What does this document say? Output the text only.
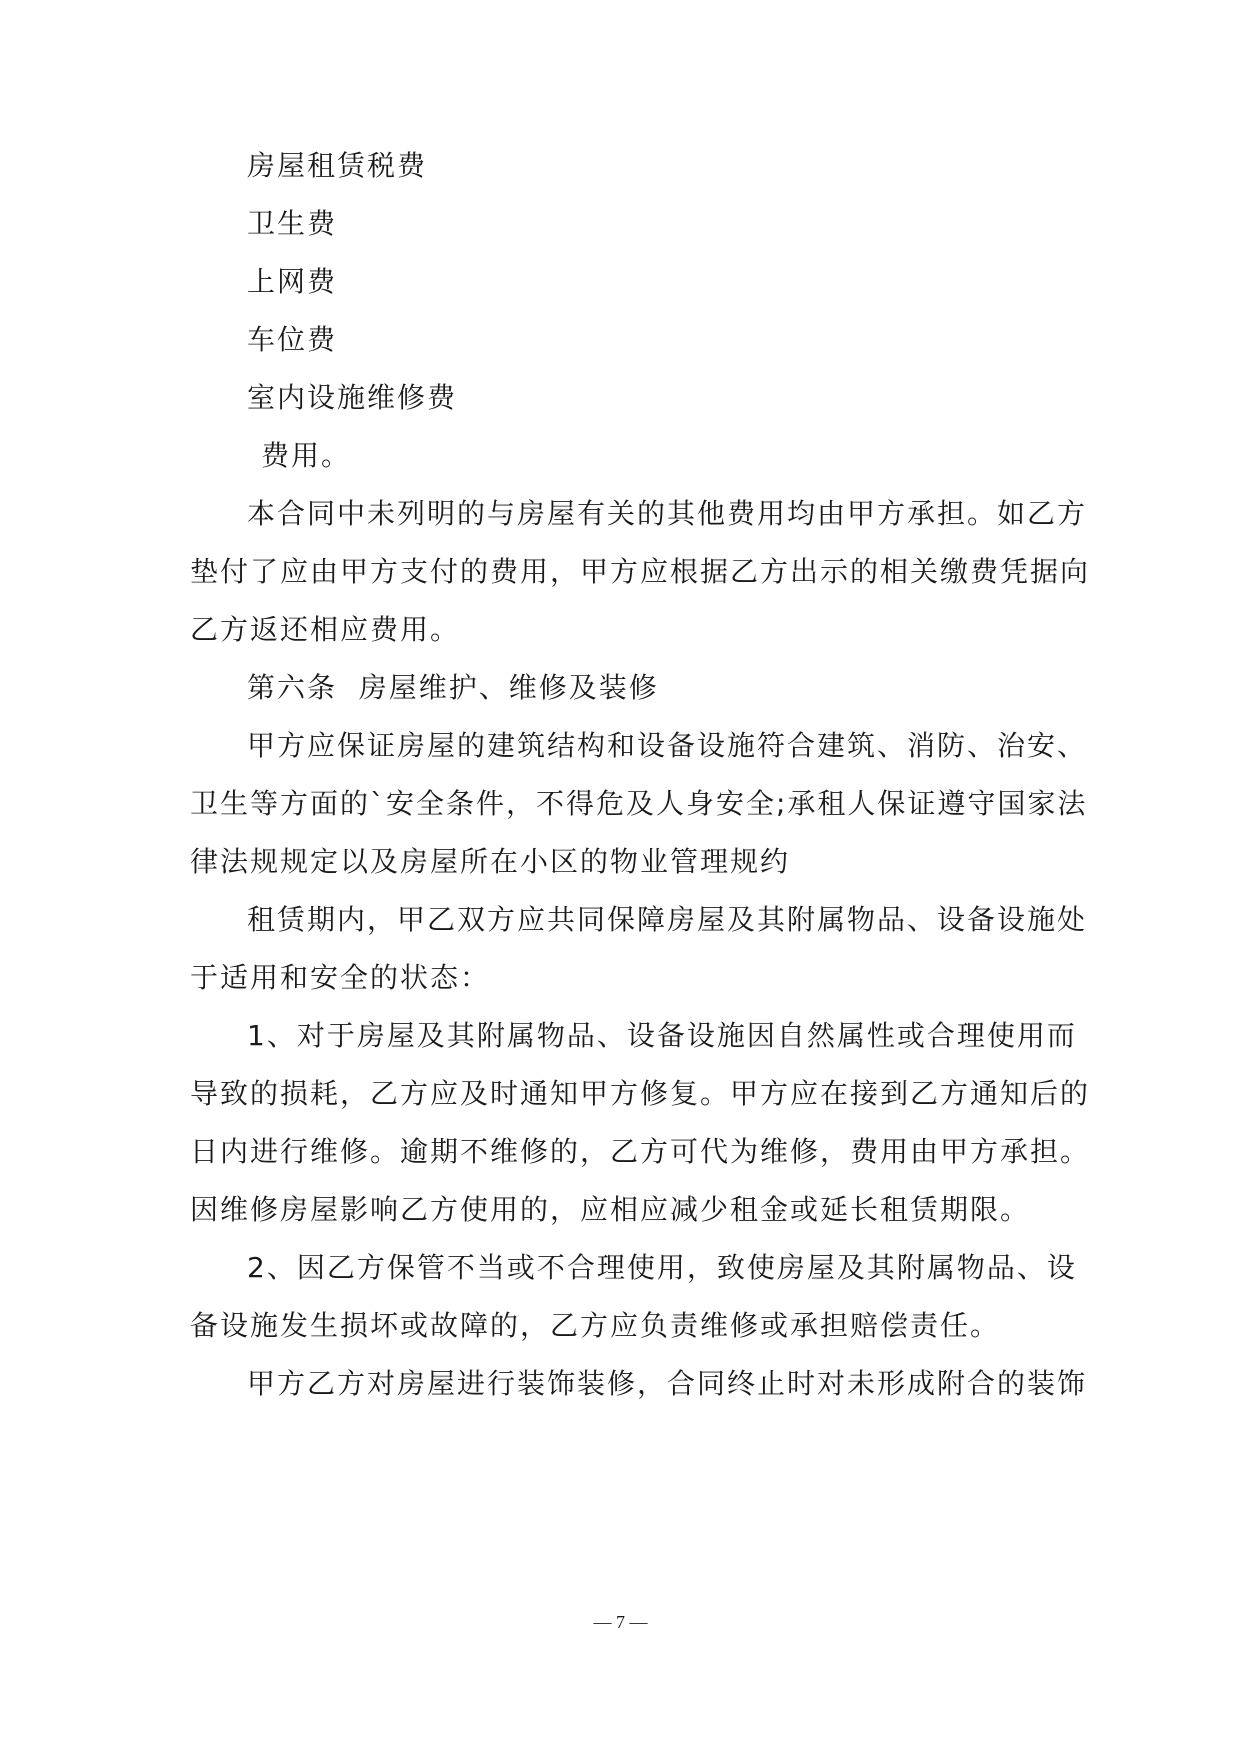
房屋租赁税费
卫生费
上网费
车位费
室内设施维修费
费用。
本合同中未列明的与房屋有关的其他费用均由甲方承担。如乙方
垫付了应由甲方支付的费用，甲方应根据乙方出示的相关缴费凭据向
乙方返还相应费用。
第六条  房屋维护、维修及装修
甲方应保证房屋的建筑结构和设备设施符合建筑、消防、治安、
卫生等方面的`安全条件，不得危及人身安全;承租人保证遵守国家法
律法规规定以及房屋所在小区的物业管理规约
租赁期内，甲乙双方应共同保障房屋及其附属物品、设备设施处
于适用和安全的状态：
1、对于房屋及其附属物品、设备设施因自然属性或合理使用而
导致的损耗，乙方应及时通知甲方修复。甲方应在接到乙方通知后的
日内进行维修。逾期不维修的，乙方可代为维修，费用由甲方承担。
因维修房屋影响乙方使用的，应相应减少租金或延长租赁期限。
2、因乙方保管不当或不合理使用，致使房屋及其附属物品、设
备设施发生损坏或故障的，乙方应负责维修或承担赔偿责任。
甲方乙方对房屋进行装饰装修，合同终止时对未形成附合的装饰
— 7 —
